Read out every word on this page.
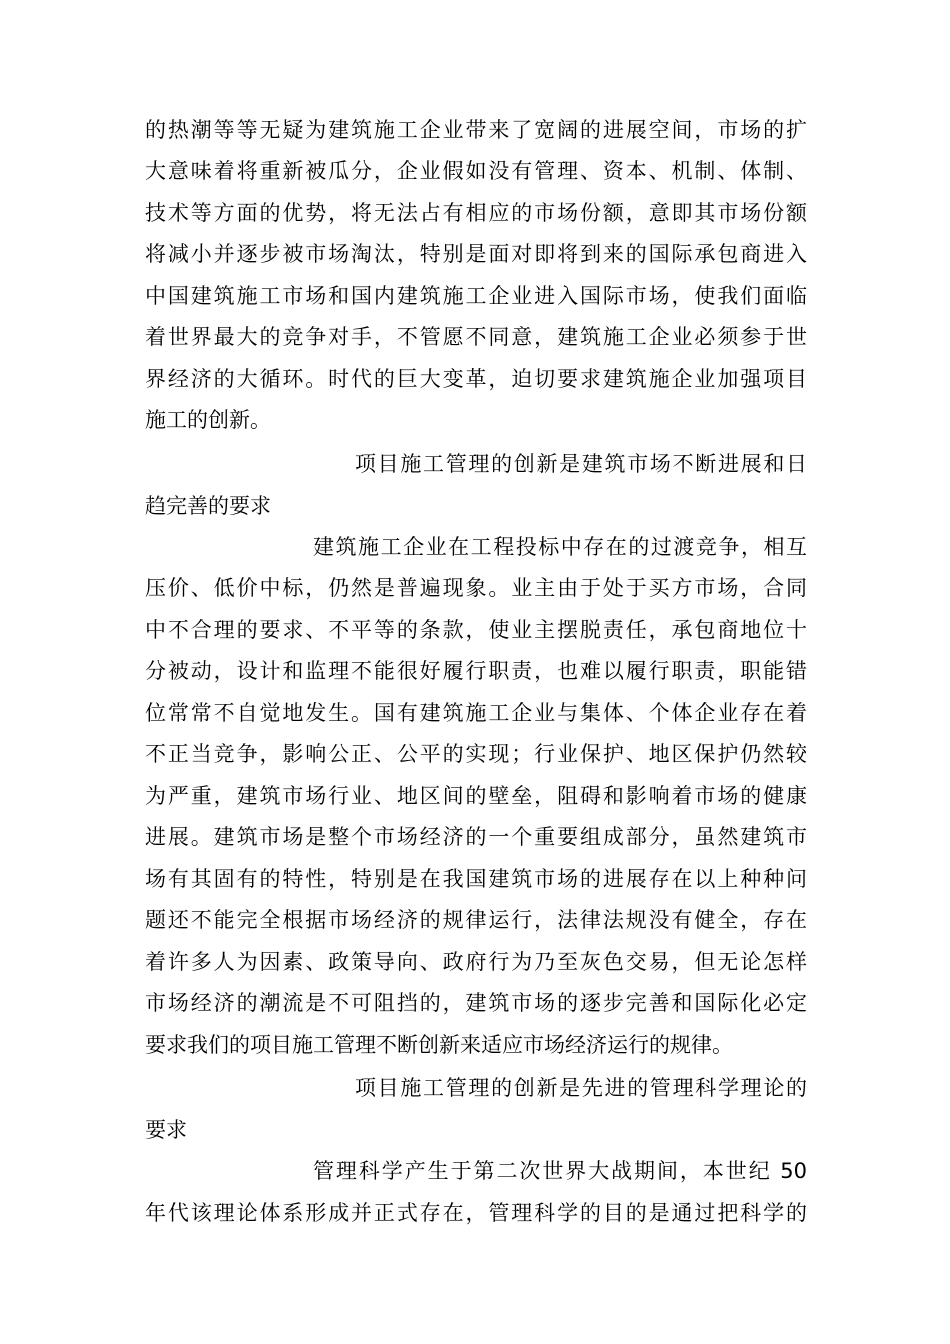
的热潮等等无疑为建筑施工企业带来了宽阔的进展空间，市场的扩
大意味着将重新被瓜分，企业假如没有管理、资本、机制、体制、
技术等方面的优势，将无法占有相应的市场份额，意即其市场份额
将减小并逐步被市场淘汰，特别是面对即将到来的国际承包商进入
中国建筑施工市场和国内建筑施工企业进入国际市场，使我们面临
着世界最大的竞争对手，不管愿不同意，建筑施工企业必须参于世
界经济的大循环。时代的巨大变革，迫切要求建筑施企业加强项目
施工的创新。
项目施工管理的创新是建筑市场不断进展和日
趋完善的要求
建筑施工企业在工程投标中存在的过渡竞争，相互
压价、低价中标，仍然是普遍现象。业主由于处于买方市场，合同
中不合理的要求、不平等的条款，使业主摆脱责任，承包商地位十
分被动，设计和监理不能很好履行职责，也难以履行职责，职能错
位常常不自觉地发生。国有建筑施工企业与集体、个体企业存在着
不正当竞争，影响公正、公平的实现；行业保护、地区保护仍然较
为严重，建筑市场行业、地区间的壁垒，阻碍和影响着市场的健康
进展。建筑市场是整个市场经济的一个重要组成部分，虽然建筑市
场有其固有的特性，特别是在我国建筑市场的进展存在以上种种问
题还不能完全根据市场经济的规律运行，法律法规没有健全，存在
着许多人为因素、政策导向、政府行为乃至灰色交易，但无论怎样
市场经济的潮流是不可阻挡的，建筑市场的逐步完善和国际化必定
要求我们的项目施工管理不断创新来适应市场经济运行的规律。
项目施工管理的创新是先进的管理科学理论的
要求
管理科学产生于第二次世界大战期间，本世纪 50
年代该理论体系形成并正式存在，管理科学的目的是通过把科学的
